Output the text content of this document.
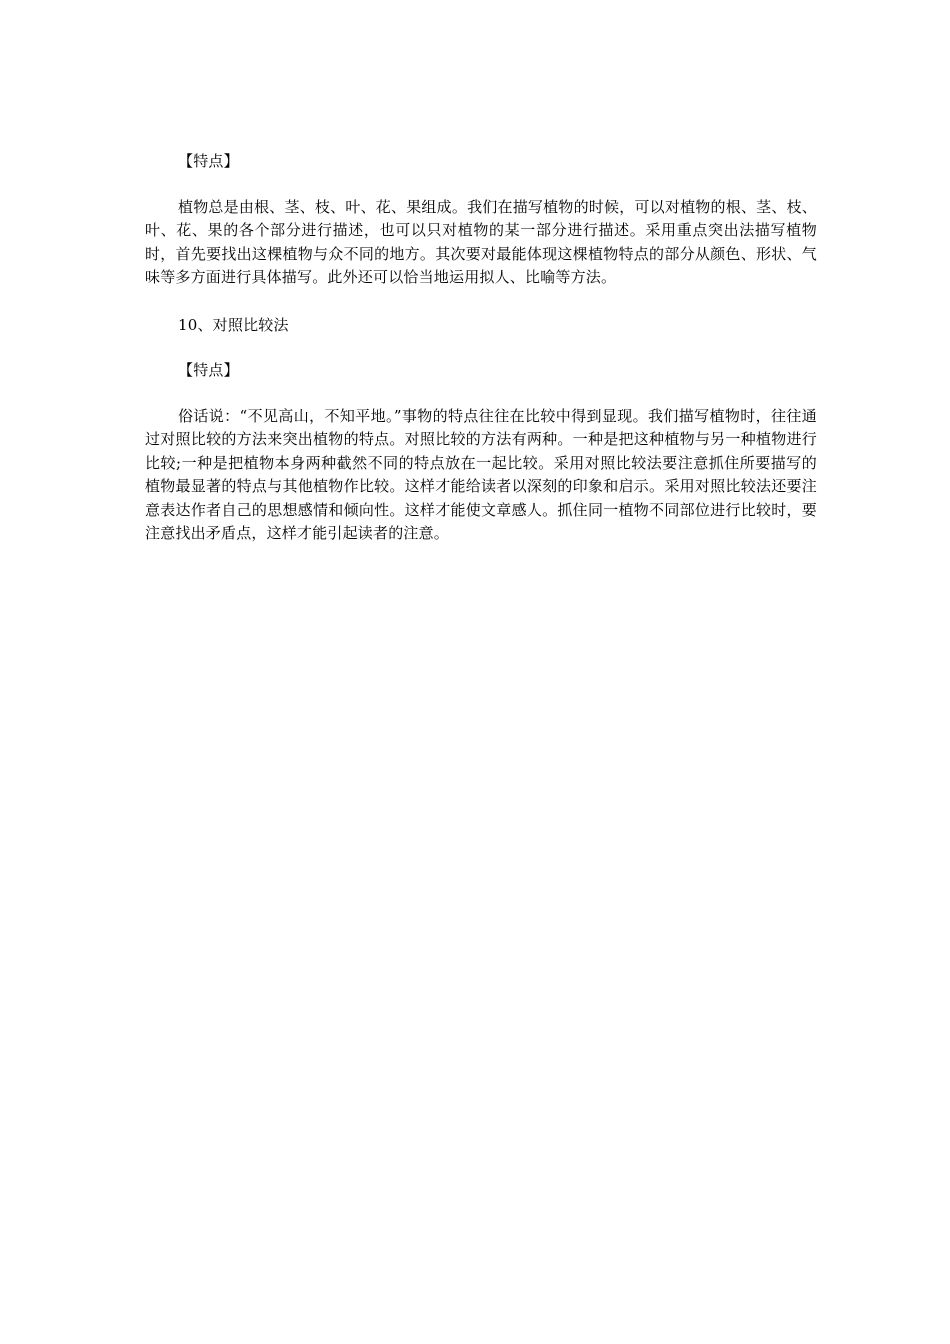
【特点】

植物总是由根、茎、枝、叶、花、果组成。我们在描写植物的时候，可以对植物的根、茎、枝、叶、花、果的各个部分进行描述，也可以只对植物的某一部分进行描述。采用重点突出法描写植物时，首先要找出这棵植物与众不同的地方。其次要对最能体现这棵植物特点的部分从颜色、形状、气味等多方面进行具体描写。此外还可以恰当地运用拟人、比喻等方法。

10、对照比较法

【特点】

俗话说：“不见高山，不知平地。”事物的特点往往在比较中得到显现。我们描写植物时，往往通过对照比较的方法来突出植物的特点。对照比较的方法有两种。一种是把这种植物与另一种植物进行比较;一种是把植物本身两种截然不同的特点放在一起比较。采用对照比较法要注意抓住所要描写的植物最显著的特点与其他植物作比较。这样才能给读者以深刻的印象和启示。采用对照比较法还要注意表达作者自己的思想感情和倾向性。这样才能使文章感人。抓住同一植物不同部位进行比较时，要注意找出矛盾点，这样才能引起读者的注意。
